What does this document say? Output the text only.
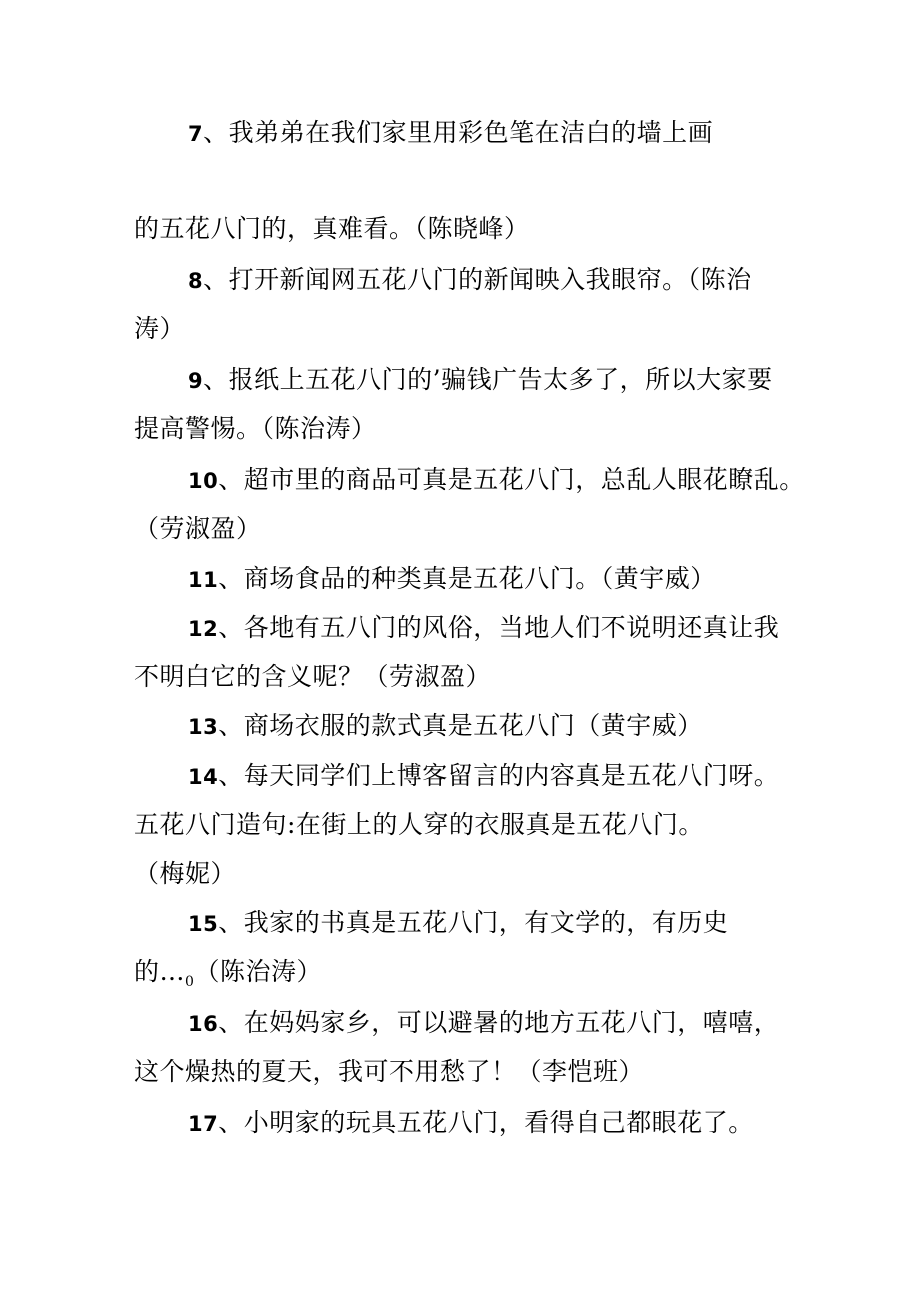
7、我弟弟在我们家里用彩色笔在洁白的墙上画
的五花八门的，真难看。（陈晓峰）
8、打开新闻网五花八门的新闻映入我眼帘。（陈治
涛）
9、报纸上五花八门的’骗钱广告太多了，所以大家要
提高警惕。（陈治涛）
10、超市里的商品可真是五花八门，总乱人眼花瞭乱。
（劳淑盈）
11、商场食品的种类真是五花八门。（黄宇威）
12、各地有五八门的风俗，当地人们不说明还真让我
不明白它的含义呢？（劳淑盈）
13、商场衣服的款式真是五花八门（黄宇威）
14、每天同学们上博客留言的内容真是五花八门呀。
五花八门造句:在街上的人穿的衣服真是五花八门。
（梅妮）
15、我家的书真是五花八门，有文学的，有历史
的$\dots_0$（陈治涛）
16、在妈妈家乡，可以避暑的地方五花八门，嘻嘻，
这个燥热的夏天，我可不用愁了！（李恺班）
17、小明家的玩具五花八门，看得自己都眼花了。
